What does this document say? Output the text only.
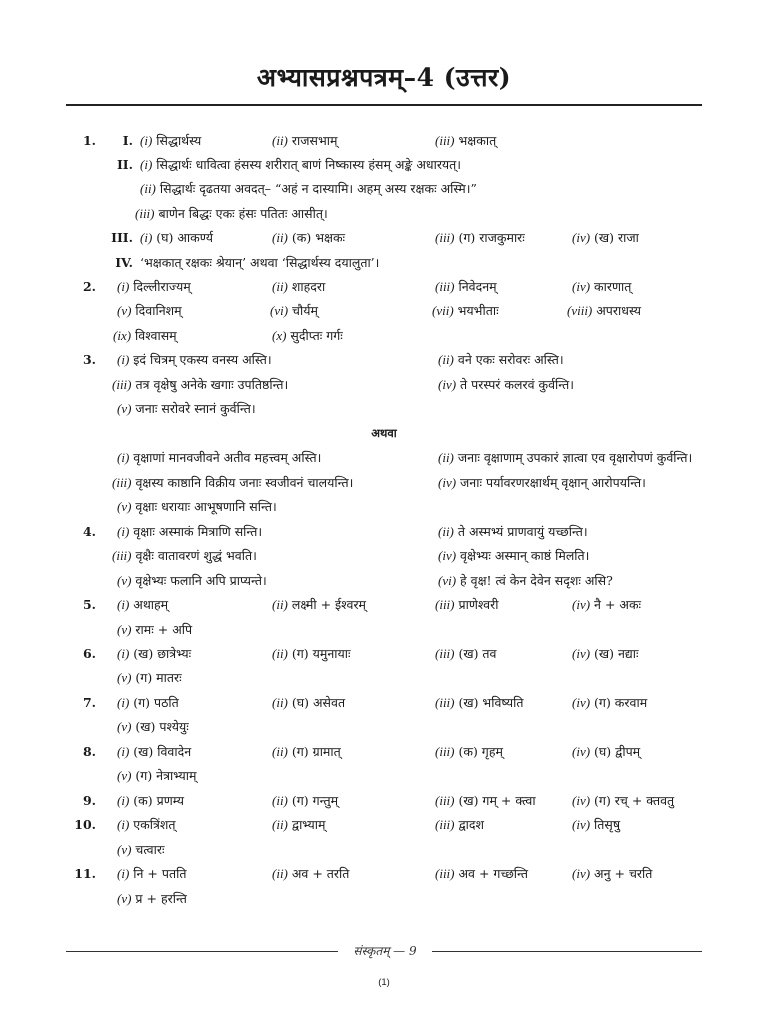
अभ्यासप्रश्नपत्रम्–4 (उत्तर)
1.	I. (i) सिद्धार्थस्य	(ii) राजसभाम्	(iii) भक्षकात्
II. (i) सिद्धार्थः धावित्वा हंसस्य शरीरात् बाणं निष्कास्य हंसम् अङ्के अधारयत्।
(ii) सिद्धार्थः दृढतया अवदत्– “अहं न दास्यामि। अहम् अस्य रक्षकः अस्मि।”
(iii) बाणेन बिद्धः एकः हंसः पतितः आसीत्।
III. (i) (घ) आकर्ण्य	(ii) (क) भक्षकः	(iii) (ग) राजकुमारः	(iv) (ख) राजा
IV. ‘भक्षकात् रक्षकः श्रेयान्’ अथवा ‘सिद्धार्थस्य दयालुता’।
2. (i) दिल्लीराज्यम्	(ii) शाहदरा	(iii) निवेदनम्	(iv) कारणात्
(v) दिवानिशम्	(vi) चौर्यम्	(vii) भयभीताः	(viii) अपराधस्य
(ix) विश्वासम्	(x) सुदीप्तः गर्गः
3. (i) इदं चित्रम् एकस्य वनस्य अस्ति।	(ii) वने एकः सरोवरः अस्ति।
(iii) तत्र वृक्षेषु अनेके खगाः उपतिष्ठन्ति।	(iv) ते परस्परं कलरवं कुर्वन्ति।
(v) जनाः सरोवरे स्नानं कुर्वन्ति।
(i) वृक्षाणां मानवजीवने अतीव महत्त्वम् अस्ति।	(ii) जनाः वृक्षाणाम् उपकारं ज्ञात्वा एव वृक्षारोपणं कुर्वन्ति।
(iii) वृक्षस्य काष्ठानि विक्रीय जनाः स्वजीवनं चालयन्ति।	(iv) जनाः पर्यावरणरक्षार्थम् वृक्षान् आरोपयन्ति।
(v) वृक्षाः धरायाः आभूषणानि सन्ति।
4. (i) वृक्षाः अस्माकं मित्राणि सन्ति।	(ii) ते अस्मभ्यं प्राणवायुं यच्छन्ति।
(iii) वृक्षैः वातावरणं शुद्धं भवति।	(iv) वृक्षेभ्यः अस्मान् काष्ठं मिलति।
(v) वृक्षेभ्यः फलानि अपि प्राप्यन्ते।	(vi) हे वृक्ष! त्वं केन देवेन सदृशः असि?
5. (i) अथाहम्	(ii) लक्ष्मी + ईश्वरम्	(iii) प्राणेश्वरी	(iv) नै + अकः
(v) रामः + अपि
6. (i) (ख) छात्रेभ्यः	(ii) (ग) यमुनायाः	(iii) (ख) तव	(iv) (ख) नद्याः
(v) (ग) मातरः
7. (i) (ग) पठति	(ii) (घ) असेवत	(iii) (ख) भविष्यति	(iv) (ग) करवाम
(v) (ख) पश्येयुः
8. (i) (ख) विवादेन	(ii) (ग) ग्रामात्	(iii) (क) गृहम्	(iv) (घ) द्वीपम्
(v) (ग) नेत्राभ्याम्
9. (i) (क) प्रणम्य	(ii) (ग) गन्तुम्	(iii) (ख) गम् + क्त्वा	(iv) (ग) रच् + क्तवतु
10. (i) एकत्रिंशत्	(ii) द्वाभ्याम्	(iii) द्वादश	(iv) तिसृषु
(v) चत्वारः
11. (i) नि + पतति	(ii) अव + तरति	(iii) अव + गच्छन्ति	(iv) अनु + चरति
(v) प्र + हरन्ति
अथवा
संस्कृतम् — 9
(1)
